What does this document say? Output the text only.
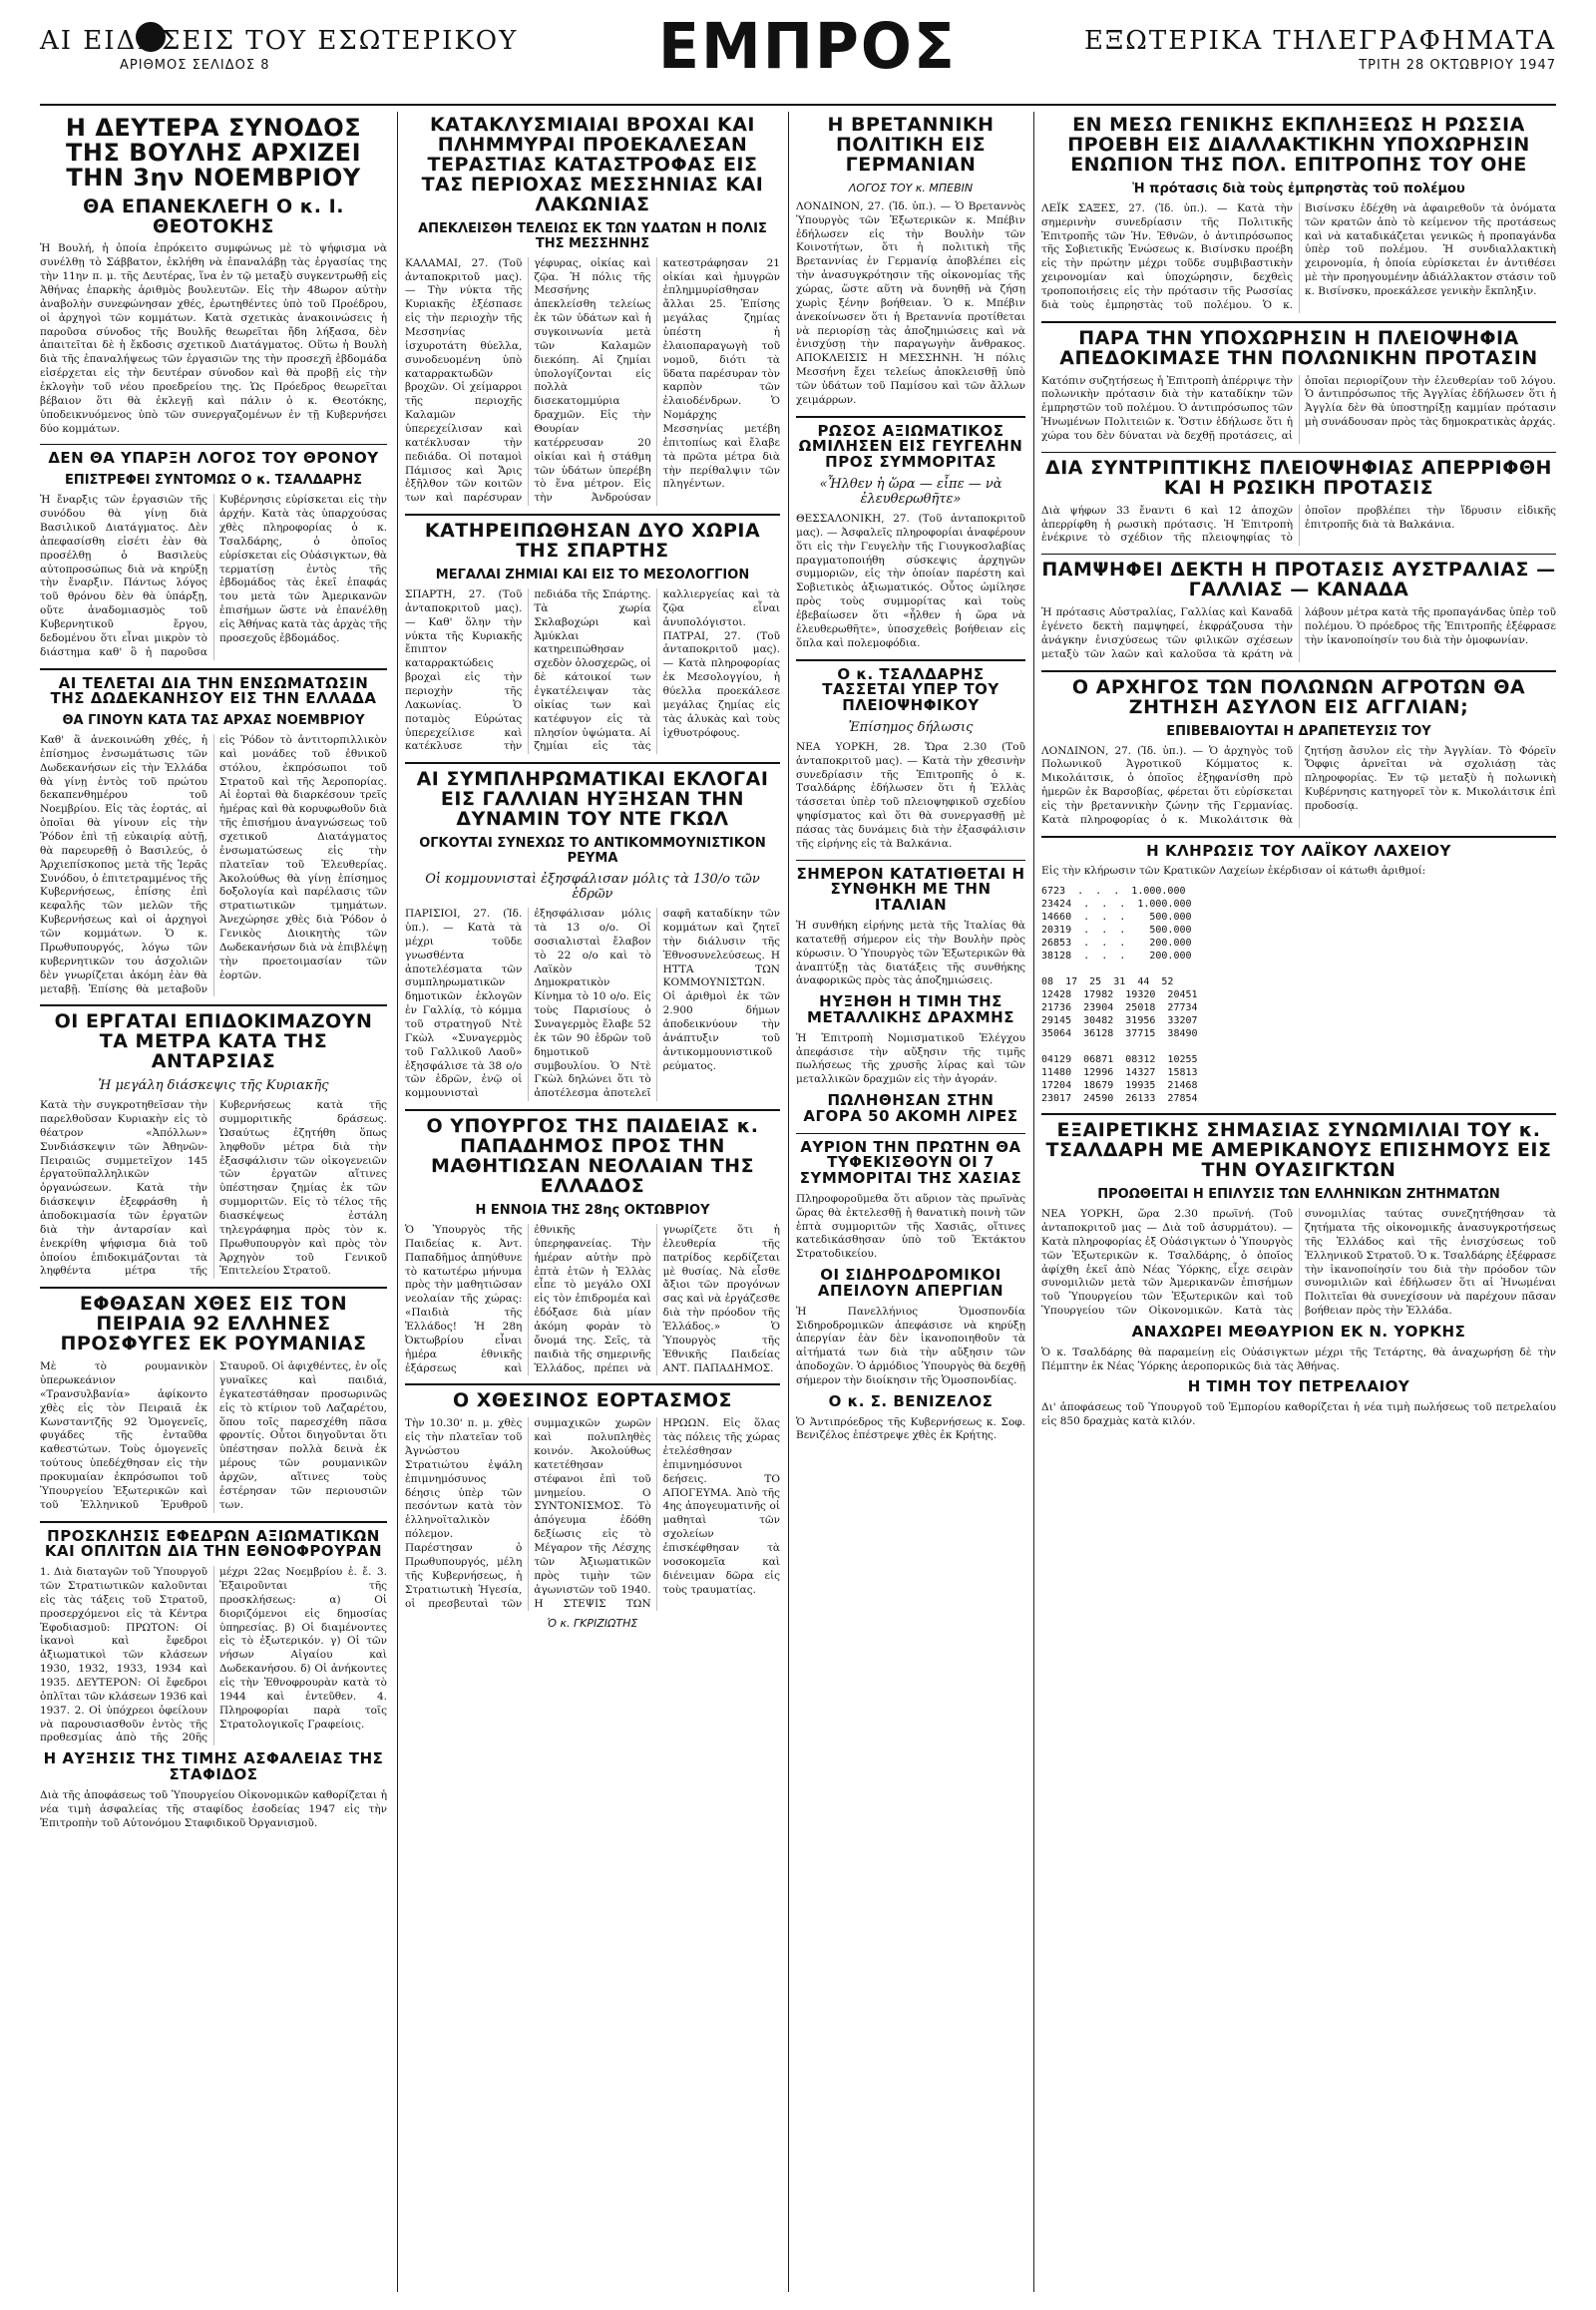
ΑΙ ΕΙΔΗΣΕΙΣ ΤΟΥ ΕΣΩΤΕΡΙΚΟΥ
ΑΡΙΘΜΟΣ ΣΕΛΙΔΟΣ 8	ΕΜΠΡΟΣ	ΕΞΩΤΕΡΙΚΑ ΤΗΛΕΓΡΑΦΗΜΑΤΑ
ΤΡΙΤΗ 28 ΟΚΤΩΒΡΙΟΥ 1947
Η ΔΕΥΤΕΡΑ ΣΥΝΟΔΟΣ ΤΗΣ ΒΟΥΛΗΣ ΑΡΧΙΖΕΙ ΤΗΝ 3ην ΝΟΕΜΒΡΙΟΥ
ΘΑ ΕΠΑΝΕΚΛΕΓΗ Ο κ. Ι. ΘΕΟΤΟΚΗΣ

Ἡ Βουλή, ἡ ὁποία ἐπρόκειτο συμφώνως μὲ τὸ ψήφισμα νὰ συνέλθῃ τὸ Σάββατον, ἐκλήθη νὰ ἐπαναλάβῃ τὰς ἐργασίας της τὴν 11ην π. μ. τῆς Δευτέρας, ἵνα ἐν τῷ μεταξὺ συγκεντρωθῇ εἰς Ἀθήνας ἐπαρκὴς ἀριθμὸς βουλευτῶν. Εἰς τὴν 48ωρον αὐτὴν ἀναβολὴν συνεφώνησαν χθές, ἐρωτηθέντες ὑπὸ τοῦ Προέδρου, οἱ ἀρχηγοὶ τῶν κομμάτων. Κατὰ σχετικὰς ἀνακοινώσεις ἡ παροῦσα σύνοδος τῆς Βουλῆς θεωρεῖται ἤδη λήξασα, δὲν ἀπαιτεῖται δὲ ἡ ἔκδοσις σχετικοῦ Διατάγματος. Οὕτω ἡ Βουλὴ διὰ τῆς ἐπαναλήψεως τῶν ἐργασιῶν της τὴν προσεχῆ ἑβδομάδα εἰσέρχεται εἰς τὴν δευτέραν σύνοδον καὶ θὰ προβῇ εἰς τὴν ἐκλογὴν τοῦ νέου προεδρείου της. Ὡς Πρόεδρος θεωρεῖται βέβαιον ὅτι θὰ ἐκλεγῇ καὶ πάλιν ὁ κ. Θεοτόκης, ὑποδεικνυόμενος ὑπὸ τῶν συνεργαζομένων ἐν τῇ Κυβερνήσει δύο κομμάτων.

ΔΕΝ ΘΑ ΥΠΑΡΞΗ ΛΟΓΟΣ ΤΟΥ ΘΡΟΝΟΥ
ΕΠΙΣΤΡΕΦΕΙ ΣΥΝΤΟΜΩΣ Ο κ. ΤΣΑΛΔΑΡΗΣ

Ἡ ἔναρξις τῶν ἐργασιῶν τῆς συνόδου θὰ γίνῃ διὰ Βασιλικοῦ Διατάγματος. Δὲν ἀπεφασίσθη εἰσέτι ἐὰν θὰ προσέλθῃ ὁ Βασιλεὺς αὐτοπροσώπως διὰ νὰ κηρύξῃ τὴν ἔναρξιν. Πάντως λόγος τοῦ θρόνου δὲν θὰ ὑπάρξῃ, οὔτε ἀναδομιασμὸς τοῦ Κυβερνητικοῦ ἔργου, δεδομένου ὅτι εἶναι μικρὸν τὸ διάστημα καθ' ὃ ἡ παροῦσα Κυβέρνησις εὑρίσκεται εἰς τὴν ἀρχήν. Κατὰ τὰς ὑπαρχούσας χθὲς πληροφορίας ὁ κ. Τσαλδάρης, ὁ ὁποῖος εὑρίσκεται εἰς Οὐάσιγκτων, θὰ τερματίσῃ ἐντὸς τῆς ἑβδομάδος τὰς ἐκεῖ ἐπαφάς του μετὰ τῶν Ἀμερικανῶν ἐπισήμων ὥστε νὰ ἐπανέλθῃ εἰς Ἀθήνας κατὰ τὰς ἀρχὰς τῆς προσεχοῦς ἑβδομάδος.

ΑΙ ΤΕΛΕΤΑΙ ΔΙΑ ΤΗΝ ΕΝΣΩΜΑΤΩΣΙΝ ΤΗΣ ΔΩΔΕΚΑΝΗΣΟΥ ΕΙΣ ΤΗΝ ΕΛΛΑΔΑ
ΘΑ ΓΙΝΟΥΝ ΚΑΤΑ ΤΑΣ ΑΡΧΑΣ ΝΟΕΜΒΡΙΟΥ

Καθ' ἃ ἀνεκοινώθη χθές, ἡ ἐπίσημος ἐνσωμάτωσις τῶν Δωδεκανήσων εἰς τὴν Ἑλλάδα θὰ γίνῃ ἐντὸς τοῦ πρώτου δεκαπενθημέρου τοῦ Νοεμβρίου. Εἰς τὰς ἑορτάς, αἱ ὁποῖαι θὰ γίνουν εἰς τὴν Ῥόδον ἐπὶ τῇ εὐκαιρίᾳ αὐτῇ, θὰ παρευρεθῇ ὁ Βασιλεύς, ὁ Ἀρχιεπίσκοπος μετὰ τῆς Ἱερᾶς Συνόδου, ὁ ἐπιτετραμμένος τῆς Κυβερνήσεως, ἐπίσης ἐπὶ κεφαλῆς τῶν μελῶν τῆς Κυβερνήσεως καὶ οἱ ἀρχηγοὶ τῶν κομμάτων. Ὁ κ. Πρωθυπουργός, λόγω τῶν κυβερνητικῶν του ἀσχολιῶν δὲν γνωρίζεται ἀκόμη ἐὰν θὰ μεταβῇ. Ἐπίσης θὰ μεταβοῦν εἰς Ῥόδον τὸ ἀντιτορπιλλικὸν καὶ μονάδες τοῦ ἐθνικοῦ στόλου, ἐκπρόσωποι τοῦ Στρατοῦ καὶ τῆς Ἀεροπορίας. Αἱ ἑορταὶ θὰ διαρκέσουν τρεῖς ἡμέρας καὶ θὰ κορυφωθοῦν διὰ τῆς ἐπισήμου ἀναγνώσεως τοῦ σχετικοῦ Διατάγματος ἐνσωματώσεως εἰς τὴν πλατεῖαν τοῦ Ἐλευθερίας. Ἀκολούθως θὰ γίνῃ ἐπίσημος δοξολογία καὶ παρέλασις τῶν στρατιωτικῶν τμημάτων. Ἀνεχώρησε χθὲς διὰ Ῥόδον ὁ Γενικὸς Διοικητὴς τῶν Δωδεκανήσων διὰ νὰ ἐπιβλέψῃ τὴν προετοιμασίαν τῶν ἑορτῶν.

ΟΙ ΕΡΓΑΤΑΙ ΕΠΙΔΟΚΙΜΑΖΟΥΝ ΤΑ ΜΕΤΡΑ ΚΑΤΑ ΤΗΣ ΑΝΤΑΡΣΙΑΣ
Ἡ μεγάλη διάσκεψις τῆς Κυριακῆς

Κατὰ τὴν συγκροτηθεῖσαν τὴν παρελθοῦσαν Κυριακὴν εἰς τὸ θέατρον «Ἀπόλλων» Συνδιάσκεψιν τῶν Ἀθηνῶν-Πειραιῶς συμμετεῖχον 145 ἐργατοϋπαλληλικῶν ὀργανώσεων. Κατὰ τὴν διάσκεψιν ἐξεφράσθη ἡ ἀποδοκιμασία τῶν ἐργατῶν διὰ τὴν ἀνταρσίαν καὶ ἐνεκρίθη ψήφισμα διὰ τοῦ ὁποίου ἐπιδοκιμάζονται τὰ ληφθέντα μέτρα τῆς Κυβερνήσεως κατὰ τῆς συμμοριτικῆς δράσεως. Ὡσαύτως ἐζητήθη ὅπως ληφθοῦν μέτρα διὰ τὴν ἐξασφάλισιν τῶν οἰκογενειῶν τῶν ἐργατῶν αἵτινες ὑπέστησαν ζημίας ἐκ τῶν συμμοριτῶν. Εἰς τὸ τέλος τῆς διασκέψεως ἐστάλη τηλεγράφημα πρὸς τὸν κ. Πρωθυπουργὸν καὶ πρὸς τὸν Ἀρχηγὸν τοῦ Γενικοῦ Ἐπιτελείου Στρατοῦ.

ΕΦΘΑΣΑΝ ΧΘΕΣ ΕΙΣ ΤΟΝ ΠΕΙΡΑΙΑ 92 ΕΛΛΗΝΕΣ ΠΡΟΣΦΥΓΕΣ ΕΚ ΡΟΥΜΑΝΙΑΣ

Μὲ τὸ ρουμανικὸν ὑπερωκεάνιον «Τρανσυλβανία» ἀφίκοντο χθὲς εἰς τὸν Πειραιᾶ ἐκ Κωνσταντζῆς 92 Ὁμογενεῖς, φυγάδες τῆς ἐνταῦθα καθεστώτων. Τοὺς ὁμογενεῖς τούτους ὑπεδέχθησαν εἰς τὴν προκυμαίαν ἐκπρόσωποι τοῦ Ὑπουργείου Ἐξωτερικῶν καὶ τοῦ Ἑλληνικοῦ Ἐρυθροῦ Σταυροῦ. Οἱ ἀφιχθέντες, ἐν οἷς γυναῖκες καὶ παιδιά, ἐγκατεστάθησαν προσωρινῶς εἰς τὸ κτίριον τοῦ Λαζαρέτου, ὅπου τοῖς παρεσχέθη πᾶσα φροντίς. Οὗτοι διηγοῦνται ὅτι ὑπέστησαν πολλὰ δεινὰ ἐκ μέρους τῶν ρουμανικῶν ἀρχῶν, αἵτινες τοὺς ἐστέρησαν τῶν περιουσιῶν των.

ΠΡΟΣΚΛΗΣΙΣ ΕΦΕΔΡΩΝ ΑΞΙΩΜΑΤΙΚΩΝ ΚΑΙ ΟΠΛΙΤΩΝ ΔΙΑ ΤΗΝ ΕΘΝΟΦΡΟΥΡΑΝ

1. Διὰ διαταγῶν τοῦ Ὑπουργοῦ τῶν Στρατιωτικῶν καλοῦνται εἰς τὰς τάξεις τοῦ Στρατοῦ, προσερχόμενοι εἰς τὰ Κέντρα Ἐφοδιασμοῦ: ΠΡΩΤΟΝ: Οἱ ἱκανοὶ καὶ ἔφεδροι ἀξιωματικοὶ τῶν κλάσεων 1930, 1932, 1933, 1934 καὶ 1935. ΔΕΥΤΕΡΟΝ: Οἱ ἔφεδροι ὁπλῖται τῶν κλάσεων 1936 καὶ 1937. 2. Οἱ ὑπόχρεοι ὀφείλουν νὰ παρουσιασθοῦν ἐντὸς τῆς προθεσμίας ἀπὸ τῆς 20ῆς μέχρι 22ας Νοεμβρίου ἐ. ἔ. 3. Ἐξαιροῦνται τῆς προσκλήσεως: α) Οἱ διοριζόμενοι εἰς δημοσίας ὑπηρεσίας. β) Οἱ διαμένοντες εἰς τὸ ἐξωτερικόν. γ) Οἱ τῶν νήσων Αἰγαίου καὶ Δωδεκανήσου. δ) Οἱ ἀνήκοντες εἰς τὴν Ἐθνοφρουρὰν κατὰ τὸ 1944 καὶ ἐντεῦθεν. 4. Πληροφορίαι παρὰ τοῖς Στρατολογικοῖς Γραφείοις.

Η ΑΥΞΗΣΙΣ ΤΗΣ ΤΙΜΗΣ ΑΣΦΑΛΕΙΑΣ ΤΗΣ ΣΤΑΦΙΔΟΣ

Διὰ τῆς ἀποφάσεως τοῦ Ὑπουργείου Οἰκονομικῶν καθορίζεται ἡ νέα τιμὴ ἀσφαλείας τῆς σταφίδος ἐσοδείας 1947 εἰς τὴν Ἐπιτροπὴν τοῦ Αὐτονόμου Σταφιδικοῦ Ὀργανισμοῦ.

ΚΑΤΑΚΛΥΣΜΙΑΙΑΙ ΒΡΟΧΑΙ ΚΑΙ ΠΛΗΜΜΥΡΑΙ ΠΡΟΕΚΑΛΕΣΑΝ ΤΕΡΑΣΤΙΑΣ ΚΑΤΑΣΤΡΟΦΑΣ ΕΙΣ ΤΑΣ ΠΕΡΙΟΧΑΣ ΜΕΣΣΗΝΙΑΣ ΚΑΙ ΛΑΚΩΝΙΑΣ
ΑΠΕΚΛΕΙΣΘΗ ΤΕΛΕΙΩΣ ΕΚ ΤΩΝ ΥΔΑΤΩΝ Η ΠΟΛΙΣ ΤΗΣ ΜΕΣΣΗΝΗΣ

ΚΑΛΑΜΑΙ, 27. (Τοῦ ἀνταποκριτοῦ μας). — Τὴν νύκτα τῆς Κυριακῆς ἐξέσπασε εἰς τὴν περιοχὴν τῆς Μεσσηνίας ἰσχυροτάτη θύελλα, συνοδευομένη ὑπὸ καταρρακτωδῶν βροχῶν. Οἱ χείμαρροι τῆς περιοχῆς Καλαμῶν ὑπερεχείλισαν καὶ κατέκλυσαν τὴν πεδιάδα. Οἱ ποταμοὶ Πάμισος καὶ Ἄρις ἐξῆλθον τῶν κοιτῶν των καὶ παρέσυραν γέφυρας, οἰκίας καὶ ζῷα. Ἡ πόλις τῆς Μεσσήνης ἀπεκλείσθη τελείως ἐκ τῶν ὑδάτων καὶ ἡ συγκοινωνία μετὰ τῶν Καλαμῶν διεκόπη. Αἱ ζημίαι ὑπολογίζονται εἰς πολλὰ δισεκατομμύρια δραχμῶν. Εἰς τὴν Θουρίαν κατέρρευσαν 20 οἰκίαι καὶ ἡ στάθμη τῶν ὑδάτων ὑπερέβη τὸ ἕνα μέτρον. Εἰς τὴν Ἀνδρούσαν κατεστράφησαν 21 οἰκίαι καὶ ἡμυγρῶν ἐπληµµυρίσθησαν ἄλλαι 25. Ἐπίσης μεγάλας ζημίας ὑπέστη ἡ ἐλαιοπαραγωγὴ τοῦ νομοῦ, διότι τὰ ὕδατα παρέσυραν τὸν καρπὸν τῶν ἐλαιοδένδρων. Ὁ Νομάρχης Μεσσηνίας μετέβη ἐπιτοπίως καὶ ἔλαβε τὰ πρῶτα μέτρα διὰ τὴν περίθαλψιν τῶν πληγέντων.

ΚΑΤΗΡΕΙΠΩΘΗΣΑΝ ΔΥΟ ΧΩΡΙΑ ΤΗΣ ΣΠΑΡΤΗΣ
ΜΕΓΑΛΑΙ ΖΗΜΙΑΙ ΚΑΙ ΕΙΣ ΤΟ ΜΕΣΟΛΟΓΓΙΟΝ

ΣΠΑΡΤΗ, 27. (Τοῦ ἀνταποκριτοῦ μας). — Καθ' ὅλην τὴν νύκτα τῆς Κυριακῆς ἔπιπτον καταρρακτώδεις βροχαὶ εἰς τὴν περιοχὴν τῆς Λακωνίας. Ὁ ποταμὸς Εὐρώτας ὑπερεχείλισε καὶ κατέκλυσε τὴν πεδιάδα τῆς Σπάρτης. Τὰ χωρία Σκλαβοχώρι καὶ Ἀμύκλαι κατηρειπώθησαν σχεδὸν ὁλοσχερῶς, οἱ δὲ κάτοικοί των ἐγκατέλειψαν τὰς οἰκίας των καὶ κατέφυγον εἰς τὰ πλησίον ὑψώματα. Αἱ ζημίαι εἰς τὰς καλλιεργείας καὶ τὰ ζῷα εἶναι ἀνυπολόγιστοι. ΠΑΤΡΑΙ, 27. (Τοῦ ἀνταποκριτοῦ μας). — Κατὰ πληροφορίας ἐκ Μεσολογγίου, ἡ θύελλα προεκάλεσε μεγάλας ζημίας εἰς τὰς ἁλυκὰς καὶ τοὺς ἰχθυοτρόφους.

ΑΙ ΣΥΜΠΛΗΡΩΜΑΤΙΚΑΙ ΕΚΛΟΓΑΙ ΕΙΣ ΓΑΛΛΙΑΝ ΗΥΞΗΣΑΝ ΤΗΝ ΔΥΝΑΜΙΝ ΤΟΥ ΝΤΕ ΓΚΩΛ
ΟΓΚΟΥΤΑΙ ΣΥΝΕΧΩΣ ΤΟ ΑΝΤΙΚΟΜΜΟΥΝΙΣΤΙΚΟΝ ΡΕΥΜΑ
Οἱ κομμουνισταὶ ἐξησφάλισαν μόλις τὰ 130/ο τῶν ἑδρῶν

ΠΑΡΙΣΙΟΙ, 27. (Ἰδ. ὑπ.). — Κατὰ τὰ μέχρι τοῦδε γνωσθέντα ἀποτελέσματα τῶν συμπληρωματικῶν δημοτικῶν ἐκλογῶν ἐν Γαλλίᾳ, τὸ κόμμα τοῦ στρατηγοῦ Ντὲ Γκὼλ «Συναγερμὸς τοῦ Γαλλικοῦ Λαοῦ» ἐξησφάλισε τὰ 38 ο/ο τῶν ἑδρῶν, ἐνῷ οἱ κομμουνισταὶ ἐξησφάλισαν μόλις τὰ 13 ο/ο. Οἱ σοσιαλισταὶ ἔλαβον τὸ 22 ο/ο καὶ τὸ Λαϊκὸν Δημοκρατικὸν Κίνημα τὸ 10 ο/ο. Εἰς τοὺς Παρισίους ὁ Συναγερμὸς ἔλαβε 52 ἐκ τῶν 90 ἑδρῶν τοῦ δημοτικοῦ συμβουλίου. Ὁ Ντὲ Γκὼλ δηλώνει ὅτι τὸ ἀποτέλεσμα ἀποτελεῖ σαφῆ καταδίκην τῶν κομμάτων καὶ ζητεῖ τὴν διάλυσιν τῆς Ἐθνοσυνελεύσεως. Η ΗΤΤΑ ΤΩΝ ΚΟΜΜΟΥΝΙΣΤΩΝ. Οἱ ἀριθμοὶ ἐκ τῶν 2.900 δήμων ἀποδεικνύουν τὴν ἀνάπτυξιν τοῦ ἀντικομμουνιστικοῦ ρεύματος.

Ο ΥΠΟΥΡΓΟΣ ΤΗΣ ΠΑΙΔΕΙΑΣ κ. ΠΑΠΑΔΗΜΟΣ ΠΡΟΣ ΤΗΝ ΜΑΘΗΤΙΩΣΑΝ ΝΕΟΛΑΙΑΝ ΤΗΣ ΕΛΛΑΔΟΣ
Η ΕΝΝΟΙΑ ΤΗΣ 28ης ΟΚΤΩΒΡΙΟΥ

Ὁ Ὑπουργὸς τῆς Παιδείας κ. Ἀντ. Παπαδῆμος ἀπηύθυνε τὸ κατωτέρω μήνυμα πρὸς τὴν μαθητιῶσαν νεολαίαν τῆς χώρας: «Παιδιὰ τῆς Ἑλλάδος! Ἡ 28η Ὀκτωβρίου εἶναι ἡμέρα ἐθνικῆς ἐξάρσεως καὶ ἐθνικῆς ὑπερηφανείας. Τὴν ἡμέραν αὐτὴν πρὸ ἑπτὰ ἐτῶν ἡ Ἑλλὰς εἶπε τὸ μεγάλο ΟΧΙ εἰς τὸν ἐπιδρομέα καὶ ἐδόξασε διὰ μίαν ἀκόμη φορὰν τὸ ὄνομά της. Σεῖς, τὰ παιδιὰ τῆς σημερινῆς Ἑλλάδος, πρέπει νὰ γνωρίζετε ὅτι ἡ ἐλευθερία τῆς πατρίδος κερδίζεται μὲ θυσίας. Νὰ εἶσθε ἄξιοι τῶν προγόνων σας καὶ νὰ ἐργάζεσθε διὰ τὴν πρόοδον τῆς Ἑλλάδος.» Ὁ Ὑπουργὸς τῆς Ἐθνικῆς Παιδείας ΑΝΤ. ΠΑΠΑΔΗΜΟΣ.

Ο ΧΘΕΣΙΝΟΣ ΕΟΡΤΑΣΜΟΣ

Τὴν 10.30' π. μ. χθὲς εἰς τὴν πλατεῖαν τοῦ Ἀγνώστου Στρατιώτου ἐψάλη ἐπιμνημόσυνος δέησις ὑπὲρ τῶν πεσόντων κατὰ τὸν ἑλληνοϊταλικὸν πόλεμον. Παρέστησαν ὁ Πρωθυπουργός, μέλη τῆς Κυβερνήσεως, ἡ Στρατιωτικὴ Ἡγεσία, οἱ πρεσβευταὶ τῶν συμμαχικῶν χωρῶν καὶ πολυπληθὲς κοινόν. Ἀκολούθως κατετέθησαν στέφανοι ἐπὶ τοῦ μνημείου. Ο ΣΥΝΤΟΝΙΣΜΟΣ. Τὸ ἀπόγευμα ἐδόθη δεξίωσις εἰς τὸ Μέγαρον τῆς Λέσχης τῶν Ἀξιωματικῶν πρὸς τιμὴν τῶν ἀγωνιστῶν τοῦ 1940. Η ΣΤΕΨΙΣ ΤΩΝ ΗΡΩΩΝ. Εἰς ὅλας τὰς πόλεις τῆς χώρας ἐτελέσθησαν ἐπιμνημόσυνοι δεήσεις. ΤΟ ΑΠΟΓΕΥΜΑ. Ἀπὸ τῆς 4ης ἀπογευματινῆς οἱ μαθηταὶ τῶν σχολείων ἐπισκέφθησαν τὰ νοσοκομεῖα καὶ διένειμαν δῶρα εἰς τοὺς τραυματίας.

Ὁ κ. ΓΚΡΙΖΙΩΤΗΣ
Η ΒΡΕΤΑΝΝΙΚΗ ΠΟΛΙΤΙΚΗ ΕΙΣ ΓΕΡΜΑΝΙΑΝ
ΛΟΓΟΣ ΤΟΥ κ. ΜΠΕΒΙΝ

ΛΟΝΔΙΝΟΝ, 27. (Ἰδ. ὑπ.). — Ὁ Βρεταννὸς Ὑπουργὸς τῶν Ἐξωτερικῶν κ. Μπέβιν ἐδήλωσεν εἰς τὴν Βουλὴν τῶν Κοινοτήτων, ὅτι ἡ πολιτικὴ τῆς Βρεταννίας ἐν Γερμανίᾳ ἀποβλέπει εἰς τὴν ἀνασυγκρότησιν τῆς οἰκονομίας τῆς χώρας, ὥστε αὕτη νὰ δυνηθῇ νὰ ζήσῃ χωρὶς ξένην βοήθειαν. Ὁ κ. Μπέβιν ἀνεκοίνωσεν ὅτι ἡ Βρεταννία προτίθεται νὰ περιορίσῃ τὰς ἀποζημιώσεις καὶ νὰ ἐνισχύσῃ τὴν παραγωγὴν ἄνθρακος. ΑΠΟΚΛΕΙΣΙΣ Η ΜΕΣΣΗΝΗ. Ἡ πόλις Μεσσήνη ἔχει τελείως ἀποκλεισθῇ ὑπὸ τῶν ὑδάτων τοῦ Παμίσου καὶ τῶν ἄλλων χειμάρρων.

ΡΩΣΟΣ ΑΞΙΩΜΑΤΙΚΟΣ ΩΜΙΛΗΣΕΝ ΕΙΣ ΓΕΥΓΕΛΗΝ ΠΡΟΣ ΣΥΜΜΟΡΙΤΑΣ
«Ἦλθεν ἡ ὥρα — εἶπε — νὰ ἐλευθερωθῆτε»

ΘΕΣΣΑΛΟΝΙΚΗ, 27. (Τοῦ ἀνταποκριτοῦ μας). — Ἀσφαλεῖς πληροφορίαι ἀναφέρουν ὅτι εἰς τὴν Γευγελὴν τῆς Γιουγκοσλαβίας πραγματοποιήθη σύσκεψις ἀρχηγῶν συμμοριῶν, εἰς τὴν ὁποίαν παρέστη καὶ Σοβιετικὸς ἀξιωματικός. Οὗτος ὡμίλησε πρὸς τοὺς συμμορίτας καὶ τοὺς ἐβεβαίωσεν ὅτι «ἦλθεν ἡ ὥρα νὰ ἐλευθερωθῆτε», ὑποσχεθεὶς βοήθειαν εἰς ὅπλα καὶ πολεμοφόδια.

Ο κ. ΤΣΑΛΔΑΡΗΣ ΤΑΣΣΕΤΑΙ ΥΠΕΡ ΤΟΥ ΠΛΕΙΟΨΗΦΙΚΟΥ
Ἐπίσημος δήλωσις

ΝΕΑ ΥΟΡΚΗ, 28. Ὥρα 2.30 (Τοῦ ἀνταποκριτοῦ μας). — Κατὰ τὴν χθεσινὴν συνεδρίασιν τῆς Ἐπιτροπῆς ὁ κ. Τσαλδάρης ἐδήλωσεν ὅτι ἡ Ἑλλὰς τάσσεται ὑπὲρ τοῦ πλειοψηφικοῦ σχεδίου ψηφίσματος καὶ ὅτι θὰ συνεργασθῇ μὲ πάσας τὰς δυνάμεις διὰ τὴν ἐξασφάλισιν τῆς εἰρήνης εἰς τὰ Βαλκάνια.

ΣΗΜΕΡΟΝ ΚΑΤΑΤΙΘΕΤΑΙ Η ΣΥΝΘΗΚΗ ΜΕ ΤΗΝ ΙΤΑΛΙΑΝ

Ἡ συνθήκη εἰρήνης μετὰ τῆς Ἰταλίας θὰ κατατεθῇ σήμερον εἰς τὴν Βουλὴν πρὸς κύρωσιν. Ὁ Ὑπουργὸς τῶν Ἐξωτερικῶν θὰ ἀναπτύξῃ τὰς διατάξεις τῆς συνθήκης ἀναφορικῶς πρὸς τὰς ἀποζημιώσεις.

ΗΥΞΗΘΗ Η ΤΙΜΗ ΤΗΣ ΜΕΤΑΛΛΙΚΗΣ ΔΡΑΧΜΗΣ

Ἡ Ἐπιτροπὴ Νομισματικοῦ Ἐλέγχου ἀπεφάσισε τὴν αὔξησιν τῆς τιμῆς πωλήσεως τῆς χρυσῆς λίρας καὶ τῶν μεταλλικῶν δραχμῶν εἰς τὴν ἀγοράν.

ΠΩΛΗΘΗΣΑΝ ΣΤΗΝ ΑΓΟΡΑ 50 ΑΚΟΜΗ ΛΙΡΕΣ
ΑΥΡΙΟΝ ΤΗΝ ΠΡΩΤΗΝ ΘΑ ΤΥΦΕΚΙΣΘΟΥΝ ΟΙ 7 ΣΥΜΜΟΡΙΤΑΙ ΤΗΣ ΧΑΣΙΑΣ

Πληροφοροῦμεθα ὅτι αὔριον τὰς πρωϊνὰς ὥρας θὰ ἐκτελεσθῇ ἡ θανατικὴ ποινὴ τῶν ἑπτὰ συμμοριτῶν τῆς Χασιᾶς, οἵτινες κατεδικάσθησαν ὑπὸ τοῦ Ἐκτάκτου Στρατοδικείου.

ΟΙ ΣΙΔΗΡΟΔΡΟΜΙΚΟΙ ΑΠΕΙΛΟΥΝ ΑΠΕΡΓΙΑΝ

Ἡ Πανελλήνιος Ὁμοσπονδία Σιδηροδρομικῶν ἀπεφάσισε νὰ κηρύξῃ ἀπεργίαν ἐὰν δὲν ἱκανοποιηθοῦν τὰ αἰτήματά των διὰ τὴν αὔξησιν τῶν ἀποδοχῶν. Ὁ ἁρμόδιος Ὑπουργὸς θὰ δεχθῇ σήμερον τὴν διοίκησιν τῆς Ὁμοσπονδίας.

Ο κ. Σ. ΒΕΝΙΖΕΛΟΣ

Ὁ Ἀντιπρόεδρος τῆς Κυβερνήσεως κ. Σοφ. Βενιζέλος ἐπέστρεψε χθὲς ἐκ Κρήτης.

ΕΝ ΜΕΣΩ ΓΕΝΙΚΗΣ ΕΚΠΛΗΞΕΩΣ Η ΡΩΣΣΙΑ ΠΡΟΕΒΗ ΕΙΣ ΔΙΑΛΛΑΚΤΙΚΗΝ ΥΠΟΧΩΡΗΣΙΝ ΕΝΩΠΙΟΝ ΤΗΣ ΠΟΛ. ΕΠΙΤΡΟΠΗΣ ΤΟΥ ΟΗΕ
Ἡ πρότασις διὰ τοὺς ἐμπρηστὰς τοῦ πολέμου

ΛΕΪΚ ΣΑΞΕΣ, 27. (Ἰδ. ὑπ.). — Κατὰ τὴν σημερινὴν συνεδρίασιν τῆς Πολιτικῆς Ἐπιτροπῆς τῶν Ἡν. Ἐθνῶν, ὁ ἀντιπρόσωπος τῆς Σοβιετικῆς Ἑνώσεως κ. Βισίνσκυ προέβη εἰς τὴν πρώτην μέχρι τοῦδε συμβιβαστικὴν χειρονομίαν καὶ ὑποχώρησιν, δεχθεὶς τροποποιήσεις εἰς τὴν πρότασιν τῆς Ρωσσίας διὰ τοὺς ἐμπρηστὰς τοῦ πολέμου. Ὁ κ. Βισίνσκυ ἐδέχθη νὰ ἀφαιρεθοῦν τὰ ὀνόματα τῶν κρατῶν ἀπὸ τὸ κείμενον τῆς προτάσεως καὶ νὰ καταδικάζεται γενικῶς ἡ προπαγάνδα ὑπὲρ τοῦ πολέμου. Ἡ συνδιαλλακτικὴ χειρονομία, ἡ ὁποία εὑρίσκεται ἐν ἀντιθέσει μὲ τὴν προηγουμένην ἀδιάλλακτον στάσιν τοῦ κ. Βισίνσκυ, προεκάλεσε γενικὴν ἔκπληξιν.

ΠΑΡΑ ΤΗΝ ΥΠΟΧΩΡΗΣΙΝ Η ΠΛΕΙΟΨΗΦΙΑ ΑΠΕΔΟΚΙΜΑΣΕ ΤΗΝ ΠΟΛΩΝΙΚΗΝ ΠΡΟΤΑΣΙΝ

Κατόπιν συζητήσεως ἡ Ἐπιτροπὴ ἀπέρριψε τὴν πολωνικὴν πρότασιν διὰ τὴν καταδίκην τῶν ἐμπρηστῶν τοῦ πολέμου. Ὁ ἀντιπρόσωπος τῶν Ἡνωμένων Πολιτειῶν κ. Ὅστιν ἐδήλωσε ὅτι ἡ χώρα του δὲν δύναται νὰ δεχθῇ προτάσεις, αἱ ὁποῖαι περιορίζουν τὴν ἐλευθερίαν τοῦ λόγου. Ὁ ἀντιπρόσωπος τῆς Ἀγγλίας ἐδήλωσεν ὅτι ἡ Ἀγγλία δὲν θὰ ὑποστηρίξῃ καμμίαν πρότασιν μὴ συνάδουσαν πρὸς τὰς δημοκρατικὰς ἀρχάς.

ΔΙΑ ΣΥΝΤΡΙΠΤΙΚΗΣ ΠΛΕΙΟΨΗΦΙΑΣ ΑΠΕΡΡΙΦΘΗ ΚΑΙ Η ΡΩΣΙΚΗ ΠΡΟΤΑΣΙΣ

Διὰ ψήφων 33 ἔναντι 6 καὶ 12 ἀποχῶν ἀπερρίφθη ἡ ρωσικὴ πρότασις. Ἡ Ἐπιτροπὴ ἐνέκρινε τὸ σχέδιον τῆς πλειοψηφίας τὸ ὁποῖον προβλέπει τὴν ἵδρυσιν εἰδικῆς ἐπιτροπῆς διὰ τὰ Βαλκάνια.

ΠΑΜΨΗΦΕΙ ΔΕΚΤΗ Η ΠΡΟΤΑΣΙΣ ΑΥΣΤΡΑΛΙΑΣ — ΓΑΛΛΙΑΣ — ΚΑΝΑΔΑ

Ἡ πρότασις Αὐστραλίας, Γαλλίας καὶ Καναδᾶ ἐγένετο δεκτὴ παμψηφεί, ἐκφράζουσα τὴν ἀνάγκην ἐνισχύσεως τῶν φιλικῶν σχέσεων μεταξὺ τῶν λαῶν καὶ καλοῦσα τὰ κράτη νὰ λάβουν μέτρα κατὰ τῆς προπαγάνδας ὑπὲρ τοῦ πολέμου. Ὁ πρόεδρος τῆς Ἐπιτροπῆς ἐξέφρασε τὴν ἱκανοποίησίν του διὰ τὴν ὁμοφωνίαν.

Ο ΑΡΧΗΓΟΣ ΤΩΝ ΠΟΛΩΝΩΝ ΑΓΡΟΤΩΝ ΘΑ ΖΗΤΗΣΗ ΑΣΥΛΟΝ ΕΙΣ ΑΓΓΛΙΑΝ;
ΕΠΙΒΕΒΑΙΟΥΤΑΙ Η ΔΡΑΠΕΤΕΥΣΙΣ ΤΟΥ

ΛΟΝΔΙΝΟΝ, 27. (Ἰδ. ὑπ.). — Ὁ ἀρχηγὸς τοῦ Πολωνικοῦ Ἀγροτικοῦ Κόμματος κ. Μικολάιτσικ, ὁ ὁποῖος ἐξηφανίσθη πρὸ ἡμερῶν ἐκ Βαρσοβίας, φέρεται ὅτι εὑρίσκεται εἰς τὴν βρεταννικὴν ζώνην τῆς Γερμανίας. Κατὰ πληροφορίας ὁ κ. Μικολάιτσικ θὰ ζητήσῃ ἄσυλον εἰς τὴν Ἀγγλίαν. Τὸ Φόρεϊν Ὄφφις ἀρνεῖται νὰ σχολιάσῃ τὰς πληροφορίας. Ἐν τῷ μεταξὺ ἡ πολωνικὴ Κυβέρνησις κατηγορεῖ τὸν κ. Μικολάιτσικ ἐπὶ προδοσίᾳ.

Η ΚΛΗΡΩΣΙΣ ΤΟΥ ΛΑΪΚΟΥ ΛΑΧΕΙΟΥ

Εἰς τὴν κλήρωσιν τῶν Κρατικῶν Λαχείων ἐκέρδισαν οἱ κάτωθι ἀριθμοί:

6723  .  .  .  1.000.000
23424  .  .  .  1.000.000
14660  .  .  .    500.000
20319  .  .  .    500.000
26853  .  .  .    200.000
38128  .  .  .    200.000

08  17  25  31  44  52
12428  17982  19320  20451
21736  23904  25018  27734
29145  30482  31956  33207
35064  36128  37715  38490

04129  06871  08312  10255
11480  12996  14327  15813
17204  18679  19935  21468
23017  24590  26133  27854
ΕΞΑΙΡΕΤΙΚΗΣ ΣΗΜΑΣΙΑΣ ΣΥΝΩΜΙΛΙΑΙ ΤΟΥ κ. ΤΣΑΛΔΑΡΗ ΜΕ ΑΜΕΡΙΚΑΝΟΥΣ ΕΠΙΣΗΜΟΥΣ ΕΙΣ ΤΗΝ ΟΥΑΣΙΓΚΤΩΝ
ΠΡΟΩΘΕΙΤΑΙ Η ΕΠΙΛΥΣΙΣ ΤΩΝ ΕΛΛΗΝΙΚΩΝ ΖΗΤΗΜΑΤΩΝ

ΝΕΑ ΥΟΡΚΗ, ὥρα 2.30 πρωϊνή. (Τοῦ ἀνταποκριτοῦ μας — Διὰ τοῦ ἀσυρμάτου). — Κατὰ πληροφορίας ἐξ Οὐάσιγκτων ὁ Ὑπουργὸς τῶν Ἐξωτερικῶν κ. Τσαλδάρης, ὁ ὁποῖος ἀφίχθη ἐκεῖ ἀπὸ Νέας Ὑόρκης, εἶχε σειρὰν συνομιλιῶν μετὰ τῶν Ἀμερικανῶν ἐπισήμων τοῦ Ὑπουργείου τῶν Ἐξωτερικῶν καὶ τοῦ Ὑπουργείου τῶν Οἰκονομικῶν. Κατὰ τὰς συνομιλίας ταύτας συνεζητήθησαν τὰ ζητήματα τῆς οἰκονομικῆς ἀνασυγκροτήσεως τῆς Ἑλλάδος καὶ τῆς ἐνισχύσεως τοῦ Ἑλληνικοῦ Στρατοῦ. Ὁ κ. Τσαλδάρης ἐξέφρασε τὴν ἱκανοποίησίν του διὰ τὴν πρόοδον τῶν συνομιλιῶν καὶ ἐδήλωσεν ὅτι αἱ Ἡνωμέναι Πολιτεῖαι θὰ συνεχίσουν νὰ παρέχουν πᾶσαν βοήθειαν πρὸς τὴν Ἑλλάδα.

ΑΝΑΧΩΡΕΙ ΜΕΘΑΥΡΙΟΝ ΕΚ Ν. ΥΟΡΚΗΣ

Ὁ κ. Τσαλδάρης θὰ παραμείνῃ εἰς Οὐάσιγκτων μέχρι τῆς Τετάρτης, θὰ ἀναχωρήσῃ δὲ τὴν Πέμπτην ἐκ Νέας Ὑόρκης ἀεροπορικῶς διὰ τὰς Ἀθήνας.

Η ΤΙΜΗ ΤΟΥ ΠΕΤΡΕΛΑΙΟΥ

Δι' ἀποφάσεως τοῦ Ὑπουργοῦ τοῦ Ἐμπορίου καθορίζεται ἡ νέα τιμὴ πωλήσεως τοῦ πετρελαίου εἰς 850 δραχμὰς κατὰ κιλόν.
